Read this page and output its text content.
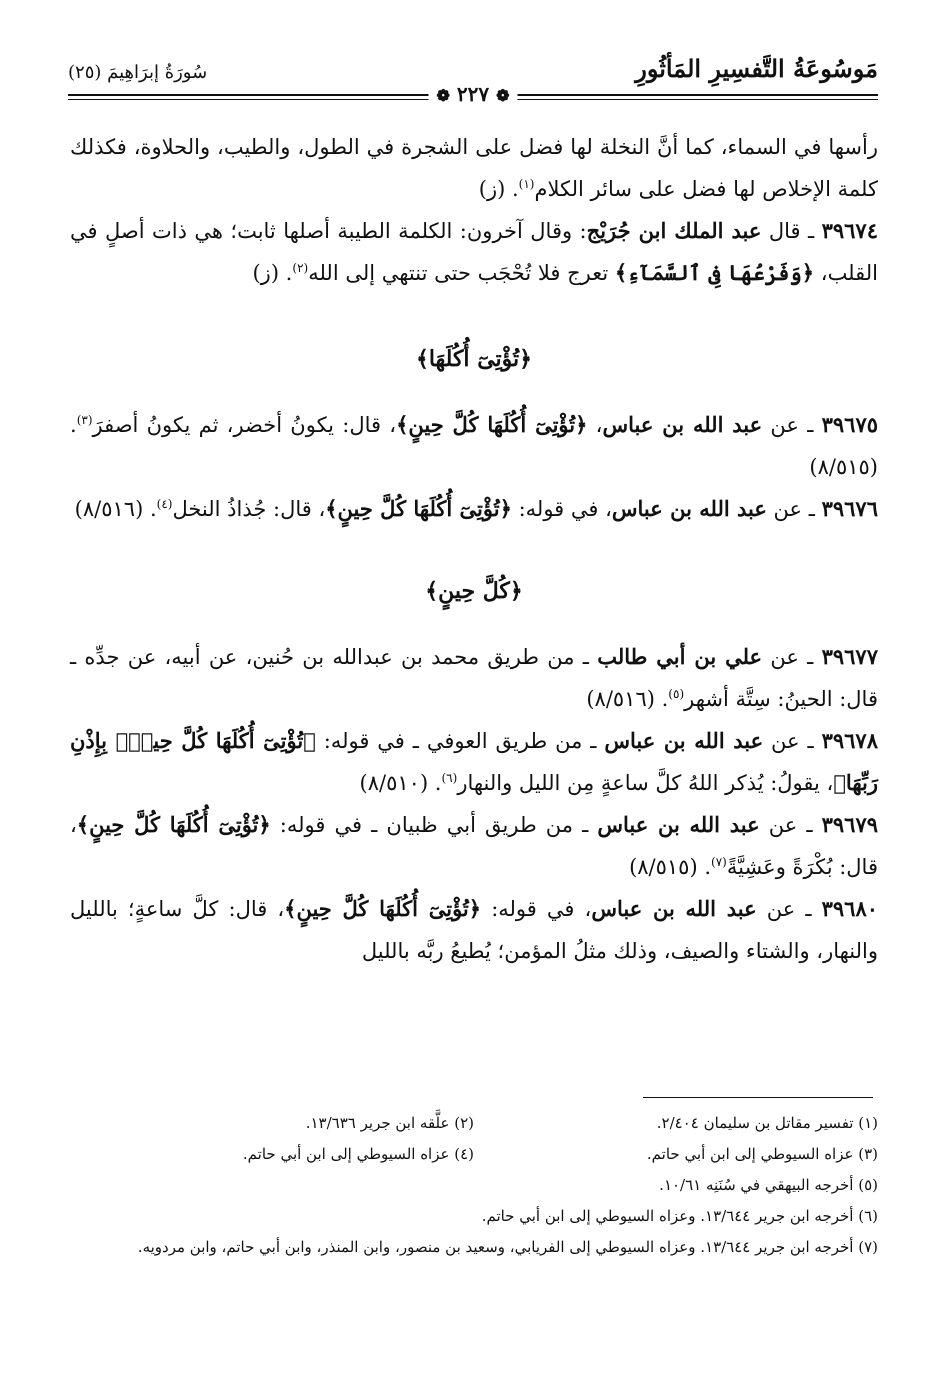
مَوسُوعَةُ التَّفسِيرِ المَأثُورِ
سُورَةُ إبرَاهِيمَ (٢٥)
❁ ٢٢٧ ❁

رأسها في السماء، كما أنَّ النخلة لها فضل على الشجرة في الطول، والطيب، والحلاوة، فكذلك كلمة الإخلاص لها فضل على سائر الكلام$^{(١)}$. (ز)

٣٩٦٧٤ ـ قال عبد الملك ابن جُرَيْج: وقال آخرون: الكلمة الطيبة أصلها ثابت؛ هي ذات أصلٍ في القلب، ﴿وَفَرْعُهَا فِى ٱلسَّمَآءِ﴾ تعرج فلا تُحْجَب حتى تنتهي إلى الله$^{(٢)}$. (ز)

﴿تُؤْتِىٓ أُكُلَهَا﴾

٣٩٦٧٥ ـ عن عبد الله بن عباس، ﴿تُؤْتِىٓ أُكُلَهَا كُلَّ حِينٍ﴾، قال: يكونُ أخضر، ثم يكونُ أصفرَ$^{(٣)}$. (٨/٥١٥)

٣٩٦٧٦ ـ عن عبد الله بن عباس، في قوله: ﴿تُؤْتِىٓ أُكُلَهَا كُلَّ حِينٍ﴾، قال: جُذاذُ النخل$^{(٤)}$. (٨/٥١٦)

﴿كُلَّ حِينٍ﴾

٣٩٦٧٧ ـ عن علي بن أبي طالب ـ من طريق محمد بن عبدالله بن حُنين، عن أبيه، عن جدِّه ـ قال: الحينُ: سِتَّة أشهر$^{(٥)}$. (٨/٥١٦)

٣٩٦٧٨ ـ عن عبد الله بن عباس ـ من طريق العوفي ـ في قوله: ﴿تُؤْتِىٓ أُكُلَهَا كُلَّ حِينٍۭ بِإِذْنِ رَبِّهَا﴾، يقولُ: يُذكر اللهُ كلَّ ساعةٍ مِن الليل والنهار$^{(٦)}$. (٨/٥١٠)

٣٩٦٧٩ ـ عن عبد الله بن عباس ـ من طريق أبي ظبيان ـ في قوله: ﴿تُؤْتِىٓ أُكُلَهَا كُلَّ حِينٍ﴾، قال: بُكْرَةً وعَشِيَّةً$^{(٧)}$. (٨/٥١٥)

٣٩٦٨٠ ـ عن عبد الله بن عباس، في قوله: ﴿تُؤْتِىٓ أُكُلَهَا كُلَّ حِينٍ﴾، قال: كلَّ ساعةٍ؛ بالليل والنهار، والشتاء والصيف، وذلك مثلُ المؤمن؛ يُطيعُ ربَّه بالليل

(١) تفسير مقاتل بن سليمان ٢/٤٠٤.
(٢) علَّقه ابن جرير ١٣/٦٣٦.
(٣) عزاه السيوطي إلى ابن أبي حاتم.
(٤) عزاه السيوطي إلى ابن أبي حاتم.
(٥) أخرجه البيهقي في سُنَنِه ١٠/٦١.
(٦) أخرجه ابن جرير ١٣/٦٤٤. وعزاه السيوطي إلى ابن أبي حاتم.
(٧) أخرجه ابن جرير ١٣/٦٤٤. وعزاه السيوطي إلى الفريابي، وسعيد بن منصور، وابن المنذر، وابن أبي حاتم، وابن مردويه.
